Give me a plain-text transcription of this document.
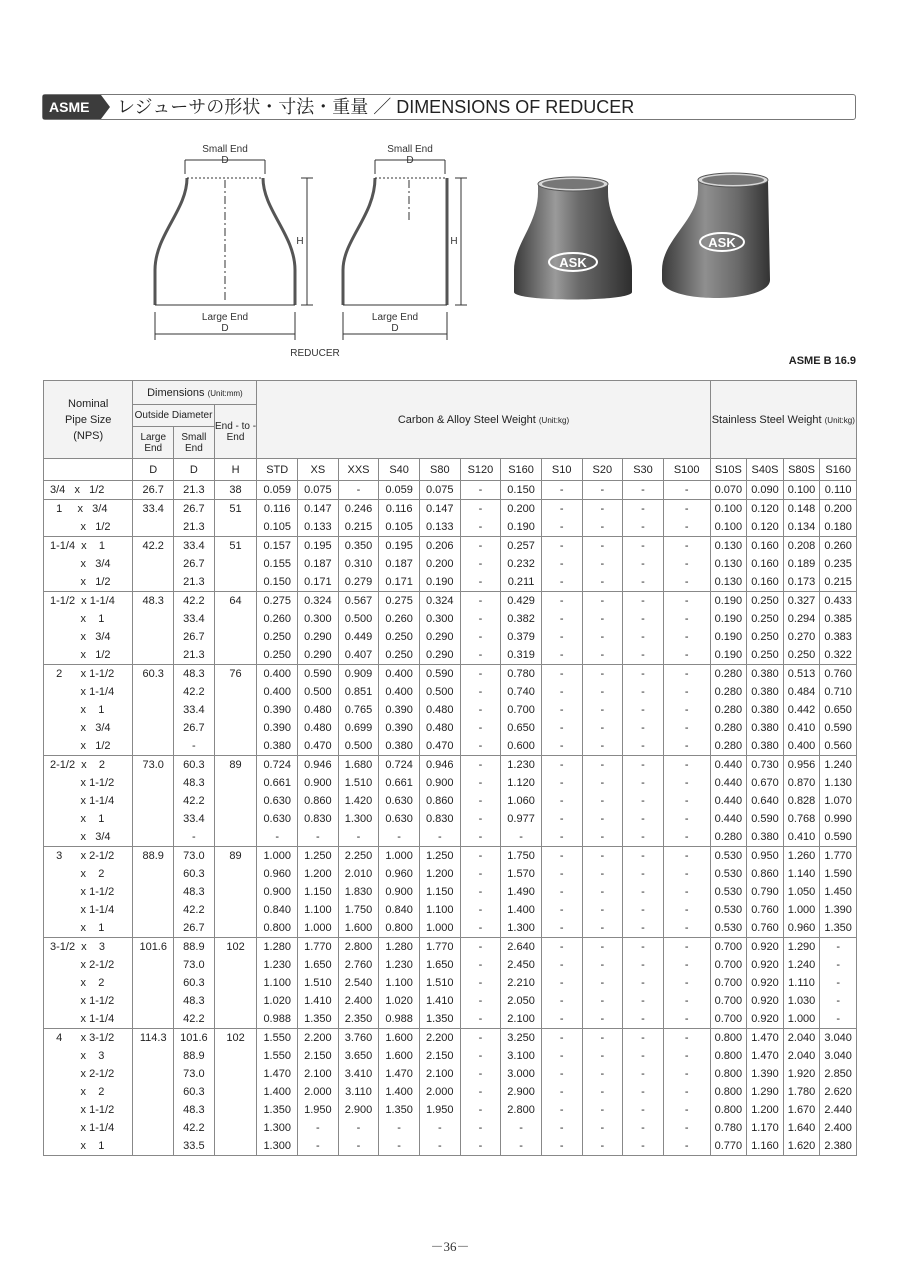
ASME	レジューサの形状・寸法・重量 ／ DIMENSIONS OF REDUCER
Small End
D
Large End
D
H
Small End
D
Large End
D
H
REDUCER
ASK
ASK
ASME B 16.9
Nominal
Pipe Size
(NPS)	Dimensions (Unit:mm)			Carbon & Alloy Steel Weight (Unit:kg)											Stainless Steel Weight (Unit:kg)			
	Outside Diameter		End - to - End															
	Large End	Small End																
	D	D	H	STD	XS	XXS	S40	S80	S120	S160	S10	S20	S30	S100	S10S	S40S	S80S	S160
3/4   x   1/2	26.7	21.3	38	0.059	0.075	-	0.059	0.075	-	0.150	-	-	-	-	0.070	0.090	0.100	0.110
1     x   3/4	33.4	26.7	51	0.116	0.147	0.246	0.116	0.147	-	0.200	-	-	-	-	0.100	0.120	0.148	0.200
x   1/2		21.3		0.105	0.133	0.215	0.105	0.133	-	0.190	-	-	-	-	0.100	0.120	0.134	0.180
1-1/4  x    1	42.2	33.4	51	0.157	0.195	0.350	0.195	0.206	-	0.257	-	-	-	-	0.130	0.160	0.208	0.260
x   3/4		26.7		0.155	0.187	0.310	0.187	0.200	-	0.232	-	-	-	-	0.130	0.160	0.189	0.235
x   1/2		21.3		0.150	0.171	0.279	0.171	0.190	-	0.211	-	-	-	-	0.130	0.160	0.173	0.215
1-1/2  x 1-1/4	48.3	42.2	64	0.275	0.324	0.567	0.275	0.324	-	0.429	-	-	-	-	0.190	0.250	0.327	0.433
x    1		33.4		0.260	0.300	0.500	0.260	0.300	-	0.382	-	-	-	-	0.190	0.250	0.294	0.385
x   3/4		26.7		0.250	0.290	0.449	0.250	0.290	-	0.379	-	-	-	-	0.190	0.250	0.270	0.383
x   1/2		21.3		0.250	0.290	0.407	0.250	0.290	-	0.319	-	-	-	-	0.190	0.250	0.250	0.322
2      x 1-1/2	60.3	48.3	76	0.400	0.590	0.909	0.400	0.590	-	0.780	-	-	-	-	0.280	0.380	0.513	0.760
x 1-1/4		42.2		0.400	0.500	0.851	0.400	0.500	-	0.740	-	-	-	-	0.280	0.380	0.484	0.710
x    1		33.4		0.390	0.480	0.765	0.390	0.480	-	0.700	-	-	-	-	0.280	0.380	0.442	0.650
x   3/4		26.7		0.390	0.480	0.699	0.390	0.480	-	0.650	-	-	-	-	0.280	0.380	0.410	0.590
x   1/2		-		0.380	0.470	0.500	0.380	0.470	-	0.600	-	-	-	-	0.280	0.380	0.400	0.560
2-1/2  x    2	73.0	60.3	89	0.724	0.946	1.680	0.724	0.946	-	1.230	-	-	-	-	0.440	0.730	0.956	1.240
x 1-1/2		48.3		0.661	0.900	1.510	0.661	0.900	-	1.120	-	-	-	-	0.440	0.670	0.870	1.130
x 1-1/4		42.2		0.630	0.860	1.420	0.630	0.860	-	1.060	-	-	-	-	0.440	0.640	0.828	1.070
x    1		33.4		0.630	0.830	1.300	0.630	0.830	-	0.977	-	-	-	-	0.440	0.590	0.768	0.990
x   3/4		-		-	-	-	-	-	-	-	-	-	-	-	0.280	0.380	0.410	0.590
3      x 2-1/2	88.9	73.0	89	1.000	1.250	2.250	1.000	1.250	-	1.750	-	-	-	-	0.530	0.950	1.260	1.770
x    2		60.3		0.960	1.200	2.010	0.960	1.200	-	1.570	-	-	-	-	0.530	0.860	1.140	1.590
x 1-1/2		48.3		0.900	1.150	1.830	0.900	1.150	-	1.490	-	-	-	-	0.530	0.790	1.050	1.450
x 1-1/4		42.2		0.840	1.100	1.750	0.840	1.100	-	1.400	-	-	-	-	0.530	0.760	1.000	1.390
x    1		26.7		0.800	1.000	1.600	0.800	1.000	-	1.300	-	-	-	-	0.530	0.760	0.960	1.350
3-1/2  x    3	101.6	88.9	102	1.280	1.770	2.800	1.280	1.770	-	2.640	-	-	-	-	0.700	0.920	1.290	-
x 2-1/2		73.0		1.230	1.650	2.760	1.230	1.650	-	2.450	-	-	-	-	0.700	0.920	1.240	-
x    2		60.3		1.100	1.510	2.540	1.100	1.510	-	2.210	-	-	-	-	0.700	0.920	1.110	-
x 1-1/2		48.3		1.020	1.410	2.400	1.020	1.410	-	2.050	-	-	-	-	0.700	0.920	1.030	-
x 1-1/4		42.2		0.988	1.350	2.350	0.988	1.350	-	2.100	-	-	-	-	0.700	0.920	1.000	-
4      x 3-1/2	114.3	101.6	102	1.550	2.200	3.760	1.600	2.200	-	3.250	-	-	-	-	0.800	1.470	2.040	3.040
x    3		88.9		1.550	2.150	3.650	1.600	2.150	-	3.100	-	-	-	-	0.800	1.470	2.040	3.040
x 2-1/2		73.0		1.470	2.100	3.410	1.470	2.100	-	3.000	-	-	-	-	0.800	1.390	1.920	2.850
x    2		60.3		1.400	2.000	3.110	1.400	2.000	-	2.900	-	-	-	-	0.800	1.290	1.780	2.620
x 1-1/2		48.3		1.350	1.950	2.900	1.350	1.950	-	2.800	-	-	-	-	0.800	1.200	1.670	2.440
x 1-1/4		42.2		1.300	-	-	-	-	-	-	-	-	-	-	0.780	1.170	1.640	2.400
x    1		33.5		1.300	-	-	-	-	-	-	-	-	-	-	0.770	1.160	1.620	2.380
－36－
